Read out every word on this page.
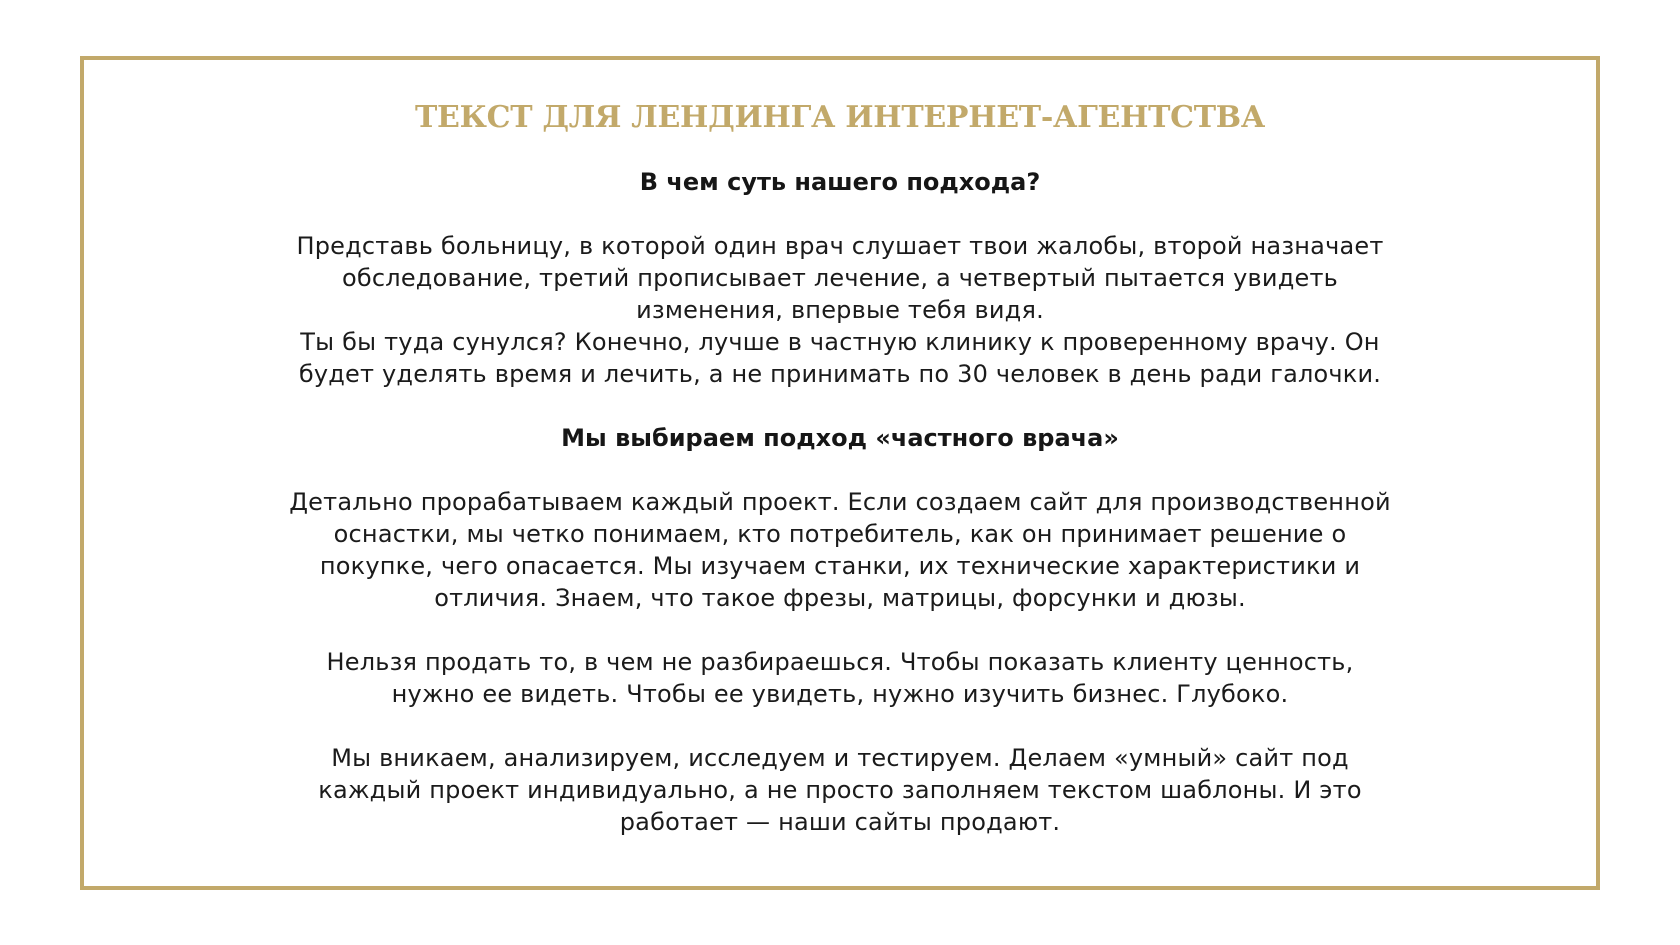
ТЕКСТ ДЛЯ ЛЕНДИНГА ИНТЕРНЕТ-АГЕНТСТВА

В чем суть нашего подхода?

Представь больницу, в которой один врач слушает твои жалобы, второй назначает
обследование, третий прописывает лечение, а четвертый пытается увидеть
изменения, впервые тебя видя.
Ты бы туда сунулся? Конечно, лучше в частную клинику к проверенному врачу. Он
будет уделять время и лечить, а не принимать по 30 человек в день ради галочки.

Мы выбираем подход «частного врача»

Детально прорабатываем каждый проект. Если создаем сайт для производственной
оснастки, мы четко понимаем, кто потребитель, как он принимает решение о
покупке, чего опасается. Мы изучаем станки, их технические характеристики и
отличия. Знаем, что такое фрезы, матрицы, форсунки и дюзы.

Нельзя продать то, в чем не разбираешься. Чтобы показать клиенту ценность,
нужно ее видеть. Чтобы ее увидеть, нужно изучить бизнес. Глубоко.

Мы вникаем, анализируем, исследуем и тестируем. Делаем «умный» сайт под
каждый проект индивидуально, а не просто заполняем текстом шаблоны. И это
работает — наши сайты продают.
